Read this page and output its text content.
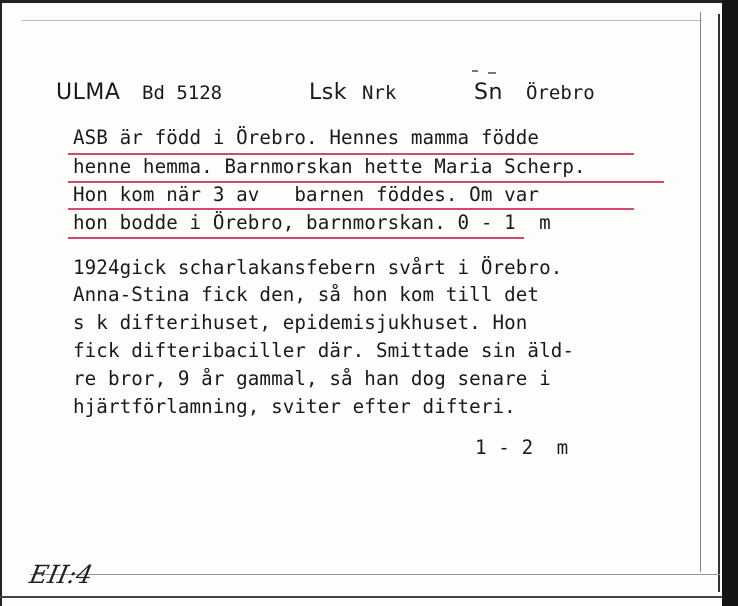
ULMA Bd 5128	Lsk Nrk	Sn Örebro
ASB är född i Örebro. Hennes mamma födde
henne hemma. Barnmorskan hette Maria Scherp.
Hon kom när 3 av   barnen föddes. Om var
hon bodde i Örebro, barnmorskan. 0 - 1  m
1924gick scharlakansfebern svårt i Örebro.
Anna-Stina fick den, så hon kom till det
s k difterihuset, epidemisjukhuset. Hon
fick difteribaciller där. Smittade sin äld-
re bror, 9 år gammal, så han dog senare i
hjärtförlamning, sviter efter difteri.
1 - 2  m
EII:4
